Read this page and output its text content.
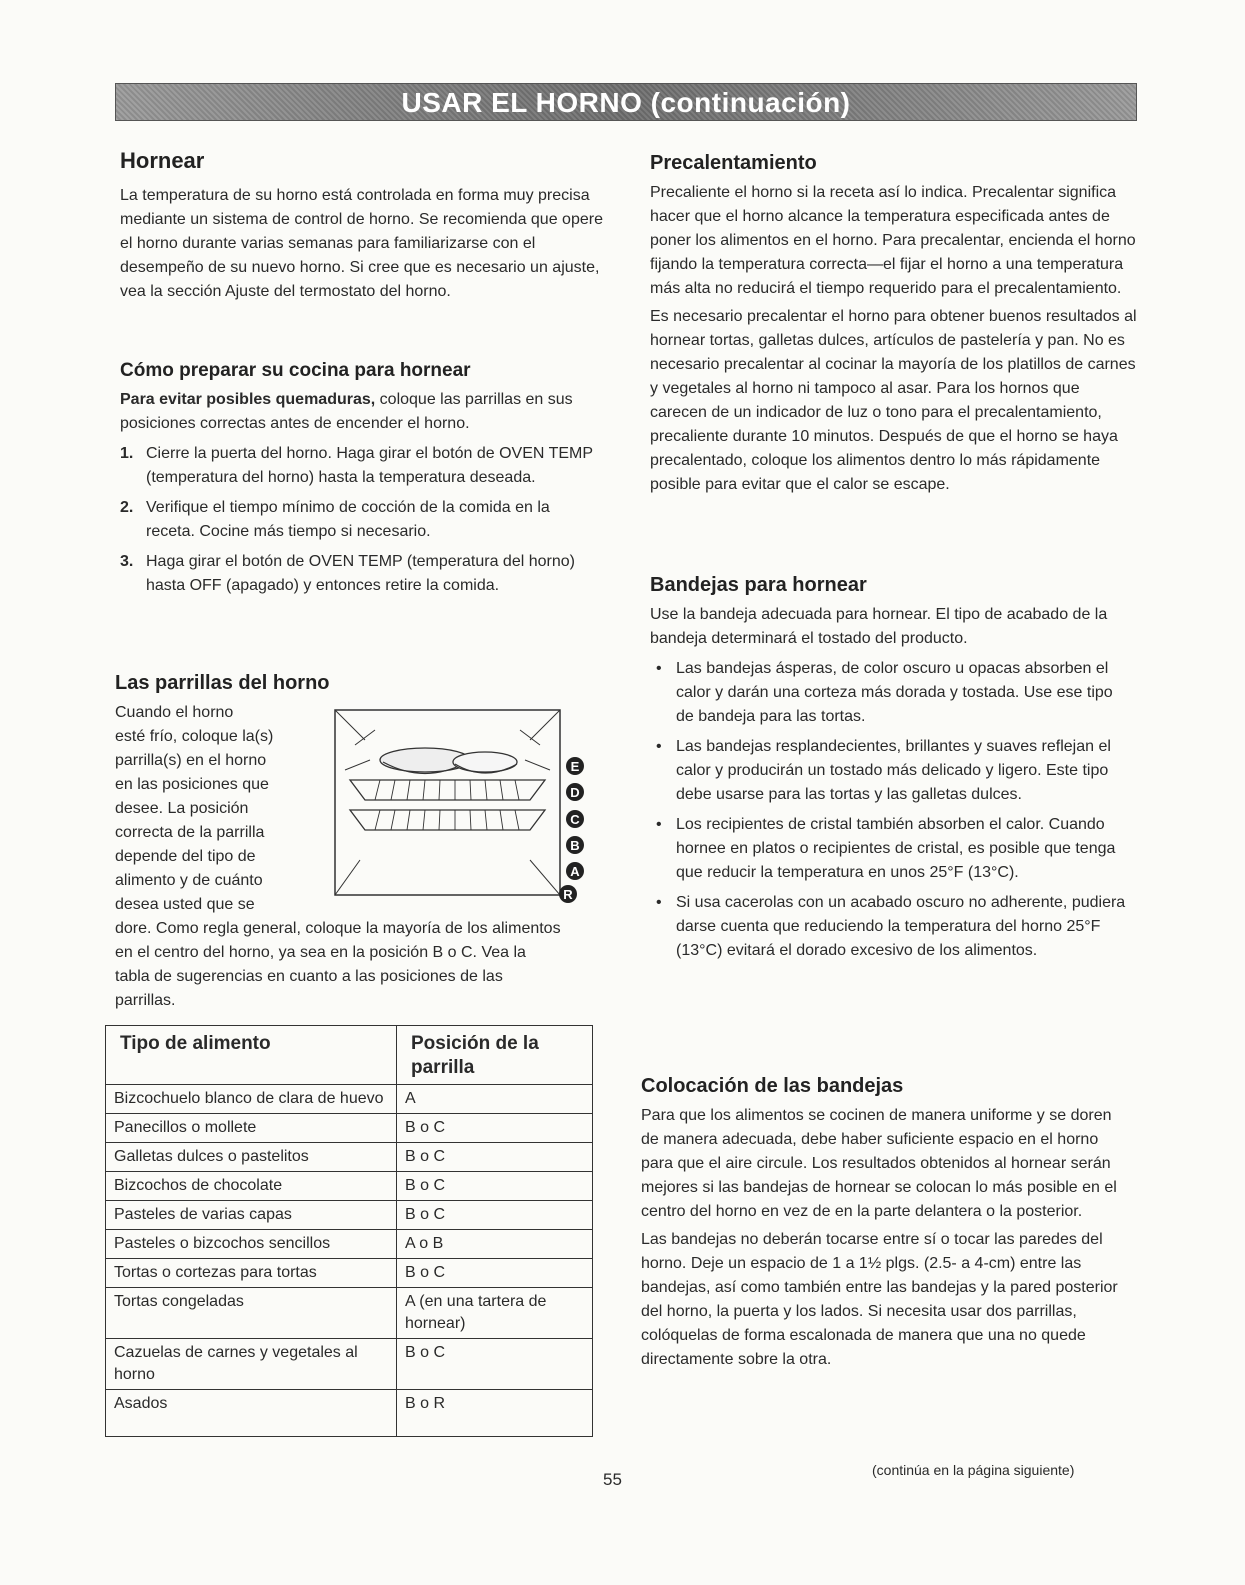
USAR EL HORNO (continuación)
Hornear

La temperatura de su horno está controlada en forma muy precisa mediante un sistema de control de horno. Se recomienda que opere el horno durante varias semanas para familiarizarse con el desempeño de su nuevo horno. Si cree que es necesario un ajuste, vea la sección Ajuste del termostato del horno.

Cómo preparar su cocina para hornear

Para evitar posibles quemaduras, coloque las parrillas en sus posiciones correctas antes de encender el horno.

1. Cierre la puerta del horno. Haga girar el botón de OVEN TEMP (temperatura del horno) hasta la temperatura deseada.
2. Verifique el tiempo mínimo de cocción de la comida en la receta. Cocine más tiempo si necesario.
3. Haga girar el botón de OVEN TEMP (temperatura del horno) hasta OFF (apagado) y entonces retire la comida.
Las parrillas del horno

Cuando el horno

esté frío, coloque la(s)

parrilla(s) en el horno

en las posiciones que

desee. La posición

correcta de la parrilla

depende del tipo de

alimento y de cuánto

desea usted que se

dore. Como regla general, coloque la mayoría de los alimentos en el centro del horno, ya sea en la posición B o C. Vea la tabla de sugerencias en cuanto a las posiciones de las parrillas.

E
D
C
B
A
R
Tipo de alimento	Posición de la parrilla
Bizcochuelo blanco de clara de huevo	A
Panecillos o mollete	B o C
Galletas dulces o pastelitos	B o C
Bizcochos de chocolate	B o C
Pasteles de varias capas	B o C
Pasteles o bizcochos sencillos	A o B
Tortas o cortezas para tortas	B o C
Tortas congeladas	A (en una tartera de hornear)
Cazuelas de carnes y vegetales al horno	B o C
Asados	B o R
Precalentamiento

Precaliente el horno si la receta así lo indica. Precalentar significa hacer que el horno alcance la temperatura especificada antes de poner los alimentos en el horno. Para precalentar, encienda el horno fijando la temperatura correcta—el fijar el horno a una temperatura más alta no reducirá el tiempo requerido para el precalentamiento.

Es necesario precalentar el horno para obtener buenos resultados al hornear tortas, galletas dulces, artículos de pastelería y pan. No es necesario precalentar al cocinar la mayoría de los platillos de carnes y vegetales al horno ni tampoco al asar. Para los hornos que carecen de un indicador de luz o tono para el precalentamiento, precaliente durante 10 minutos. Después de que el horno se haya precalentado, coloque los alimentos dentro lo más rápidamente posible para evitar que el calor se escape.

Bandejas para hornear

Use la bandeja adecuada para hornear. El tipo de acabado de la bandeja determinará el tostado del producto.

• Las bandejas ásperas, de color oscuro u opacas absorben el calor y darán una corteza más dorada y tostada. Use ese tipo de bandeja para las tortas.
• Las bandejas resplandecientes, brillantes y suaves reflejan el calor y producirán un tostado más delicado y ligero. Este tipo debe usarse para las tortas y las galletas dulces.
• Los recipientes de cristal también absorben el calor. Cuando hornee en platos o recipientes de cristal, es posible que tenga que reducir la temperatura en unos 25°F (13°C).
• Si usa cacerolas con un acabado oscuro no adherente, pudiera darse cuenta que reduciendo la temperatura del horno 25°F (13°C) evitará el dorado excesivo de los alimentos.
Colocación de las bandejas

Para que los alimentos se cocinen de manera uniforme y se doren de manera adecuada, debe haber suficiente espacio en el horno para que el aire circule. Los resultados obtenidos al hornear serán mejores si las bandejas de hornear se colocan lo más posible en el centro del horno en vez de en la parte delantera o la posterior.

Las bandejas no deberán tocarse entre sí o tocar las paredes del horno. Deje un espacio de 1 a 1½ plgs. (2.5- a 4-cm) entre las bandejas, así como también entre las bandejas y la pared posterior del horno, la puerta y los lados. Si necesita usar dos parrillas, colóquelas de forma escalonada de manera que una no quede directamente sobre la otra.

55	(continúa en la página siguiente)
